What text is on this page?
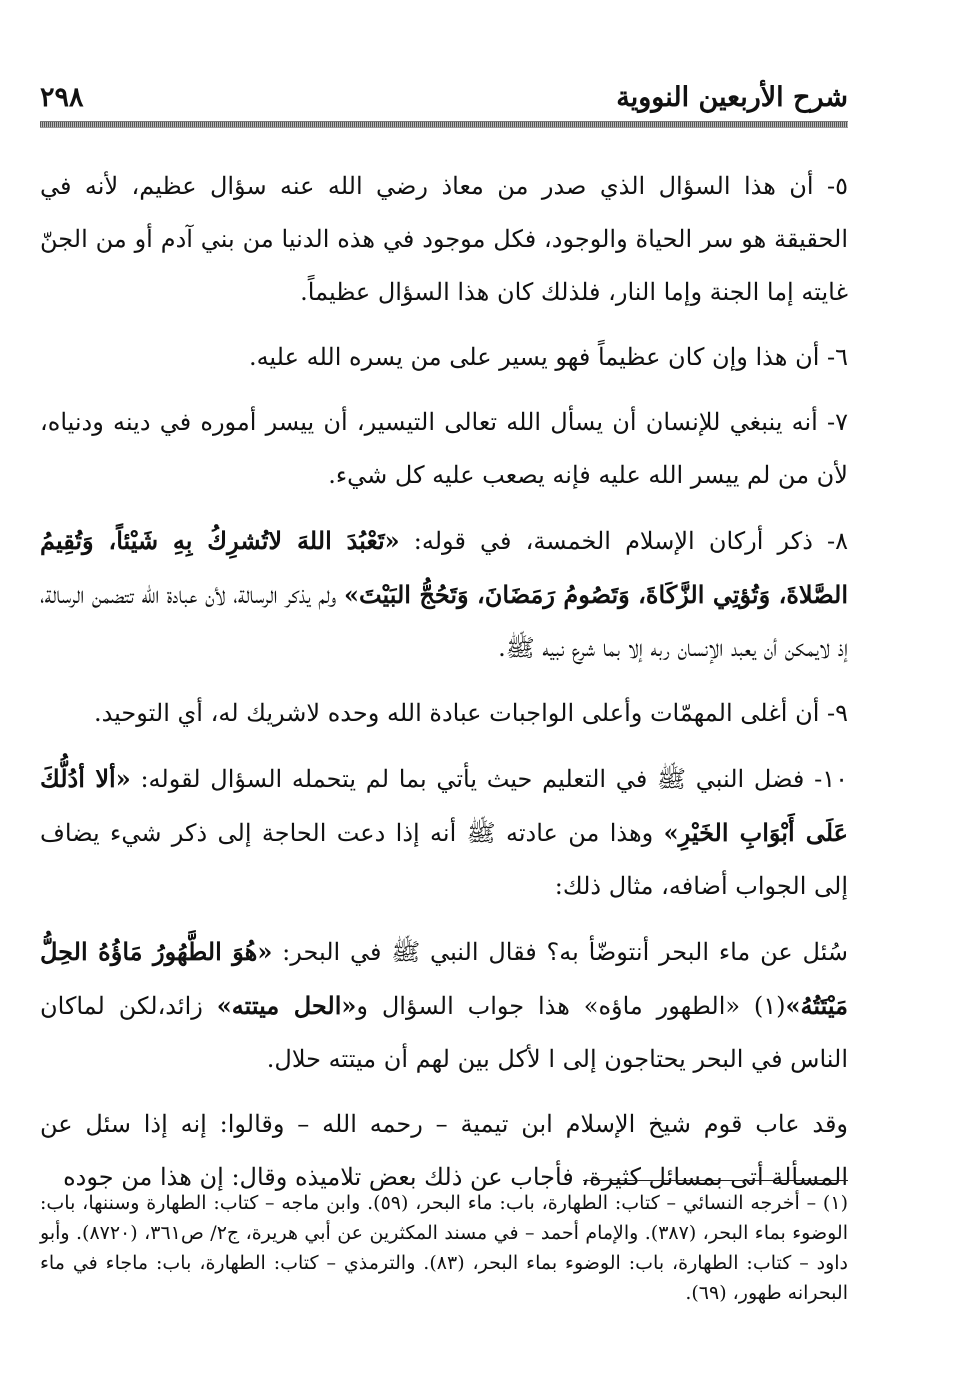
شرح الأربعين النووية
٢٩٨

٥- أن هذا السؤال الذي صدر من معاذ رضي الله عنه سؤال عظيم، لأنه في الحقيقة هو سر الحياة والوجود، فكل موجود في هذه الدنيا من بني آدم أو من الجنّ غايته إما الجنة وإما النار، فلذلك كان هذا السؤال عظيماً.

٦- أن هذا وإن كان عظيماً فهو يسير على من يسره الله عليه.

٧- أنه ينبغي للإنسان أن يسأل الله تعالى التيسير، أن ييسر أموره في دينه ودنياه، لأن من لم ييسر الله عليه فإنه يصعب عليه كل شيء.

٨- ذكر أركان الإسلام الخمسة، في قوله: «تَعْبُدَ اللهَ لاتُشرِكُ بِهِ شَيْئاً، وَتُقِيمُ الصَّلاةَ، وَتُؤتِي الزَّكَاةَ، وَتَصُومُ رَمَضَانَ، وَتَحُجُّ البَيْتَ» ولم يذكر الرسالة، لأن عبادة الله تتضمن الرسالة، إذ لايمكن أن يعبد الإنسان ربه إلا بما شرع نبيه ﷺ.

٩- أن أغلى المهمّات وأعلى الواجبات عبادة الله وحده لاشريك له، أي التوحيد.

١٠- فضل النبي ﷺ في التعليم حيث يأتي بما لم يتحمله السؤال لقوله: «ألا أدُلُّكَ عَلَى أَبْوَابِ الخَيْرِ» وهذا من عادته ﷺ أنه إذا دعت الحاجة إلى ذكر شيء يضاف إلى الجواب أضافه، مثال ذلك:

سُئل عن ماء البحر أنتوضّأ به؟ فقال النبي ﷺ في البحر: «هُوَ الطَّهُورُ مَاؤُهُ الحِلُّ مَيْتَتُهُ»(١) «الطهور ماؤه» هذا جواب السؤال و«الحل ميتته» زائد،لكن لماكان الناس في البحر يحتاجون إلى ا لأكل بين لهم أن ميتته حلال.

وقد عاب قوم شيخ الإسلام ابن تيمية – رحمه الله – وقالوا: إنه إذا سئل عن المسألة أتى بمسائل كثيرة، فأجاب عن ذلك بعض تلاميذه وقال: إن هذا من جوده

(١) – أخرجه النسائي – كتاب: الطهارة، باب: ماء البحر، (٥٩). وابن ماجه – كتاب: الطهارة وسننها، باب: الوضوء بماء البحر، (٣٨٧). والإمام أحمد – في مسند المكثرين عن أبي هريرة، ج٢/ ص٣٦١، (٨٧٢٠). وأبو داود – كتاب: الطهارة، باب: الوضوء بماء البحر، (٨٣). والترمذي – كتاب: الطهارة، باب: ماجاء في ماء البحرانه طهور، (٦٩).
